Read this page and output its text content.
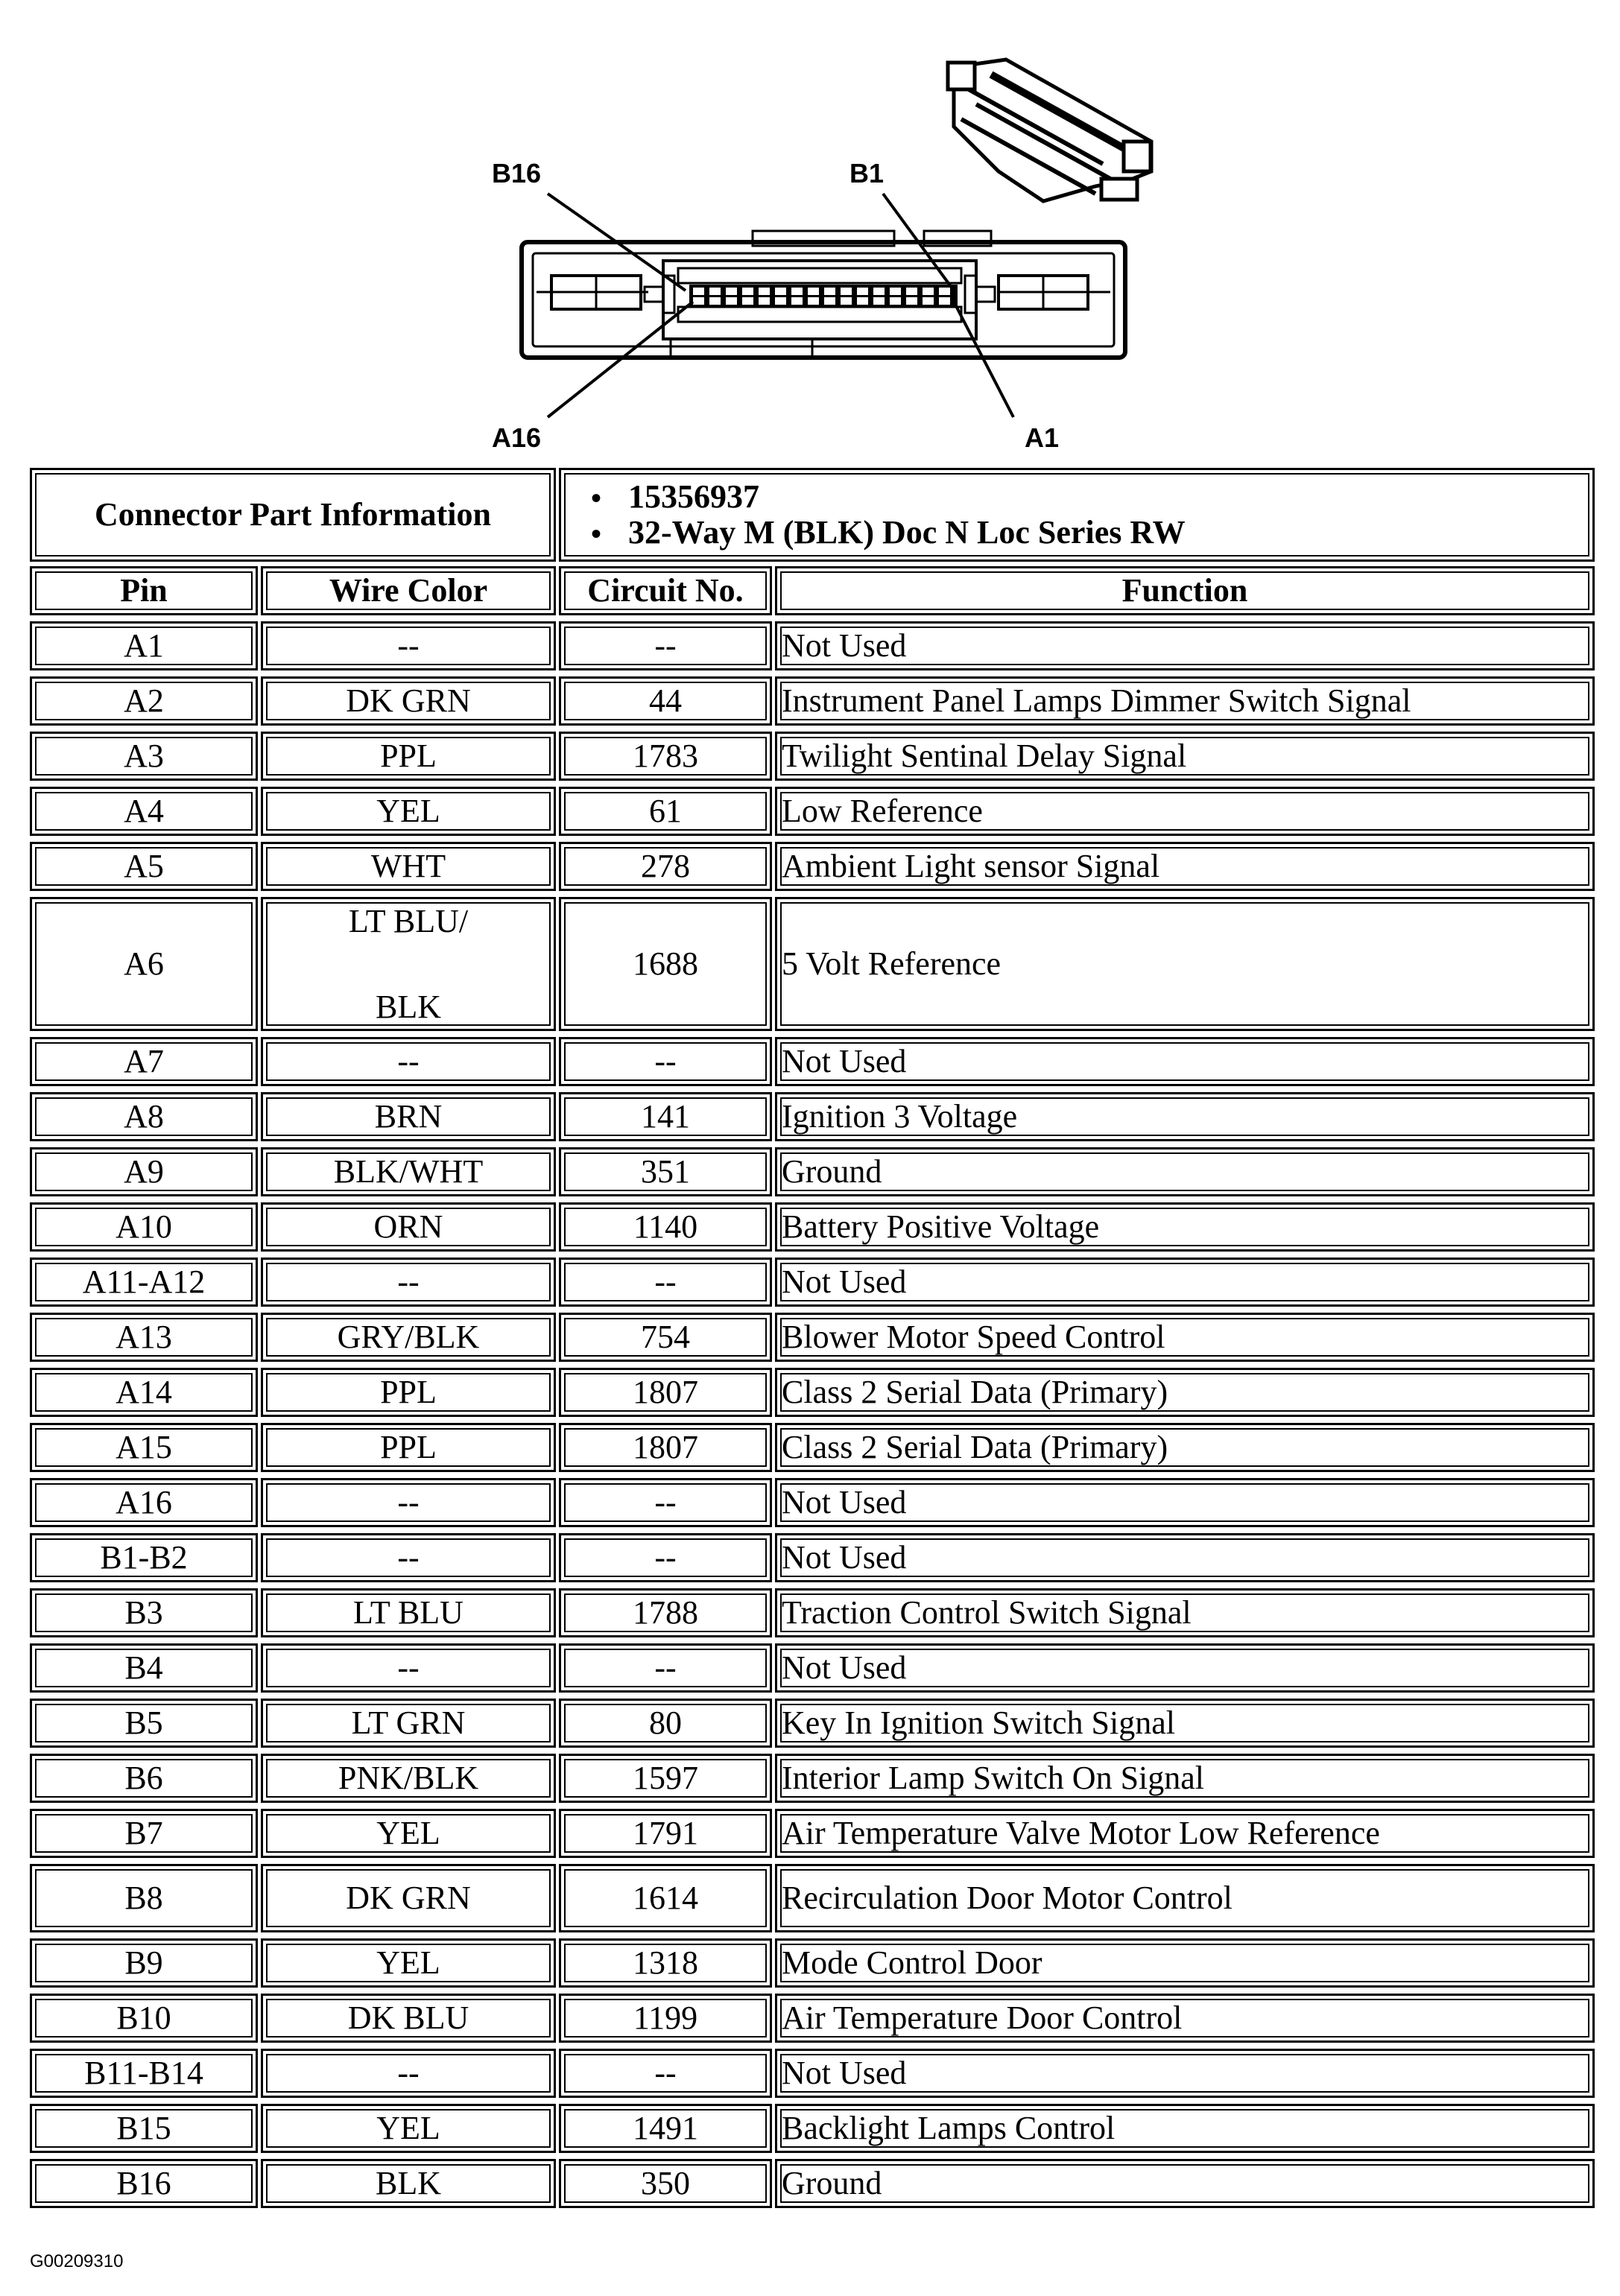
B16	B1
A16	A1
Connector Part Information
•	15356937
• 32-Way M (BLK) Doc N Loc Series RW
Pin	Wire Color	Circuit No.	Function
A1	--	--	Not Used
A2	DK GRN	44	Instrument Panel Lamps Dimmer Switch Signal
A3	PPL	1783	Twilight Sentinal Delay Signal
A4	YEL	61	Low Reference
A5	WHT	278	Ambient Light sensor Signal
A6
LT BLU/

BLK
1688	5 Volt Reference
A7	--	--	Not Used
A8	BRN	141	Ignition 3 Voltage
A9	BLK/WHT	351	Ground
A10	ORN	1140	Battery Positive Voltage
A11-A12	--	--	Not Used
A13	GRY/BLK	754	Blower Motor Speed Control
A14	PPL	1807	Class 2 Serial Data (Primary)
A15	PPL	1807	Class 2 Serial Data (Primary)
A16	--	--	Not Used
B1-B2	--	--	Not Used
B3	LT BLU	1788	Traction Control Switch Signal
B4	--	--	Not Used
B5	LT GRN	80	Key In Ignition Switch Signal
B6	PNK/BLK	1597	Interior Lamp Switch On Signal
B7	YEL	1791	Air Temperature Valve Motor Low Reference
B8	DK GRN	1614	Recirculation Door Motor Control
B9	YEL	1318	Mode Control Door
B10	DK BLU	1199	Air Temperature Door Control
B11-B14	--	--	Not Used
B15	YEL	1491	Backlight Lamps Control
B16	BLK	350	Ground
G00209310
